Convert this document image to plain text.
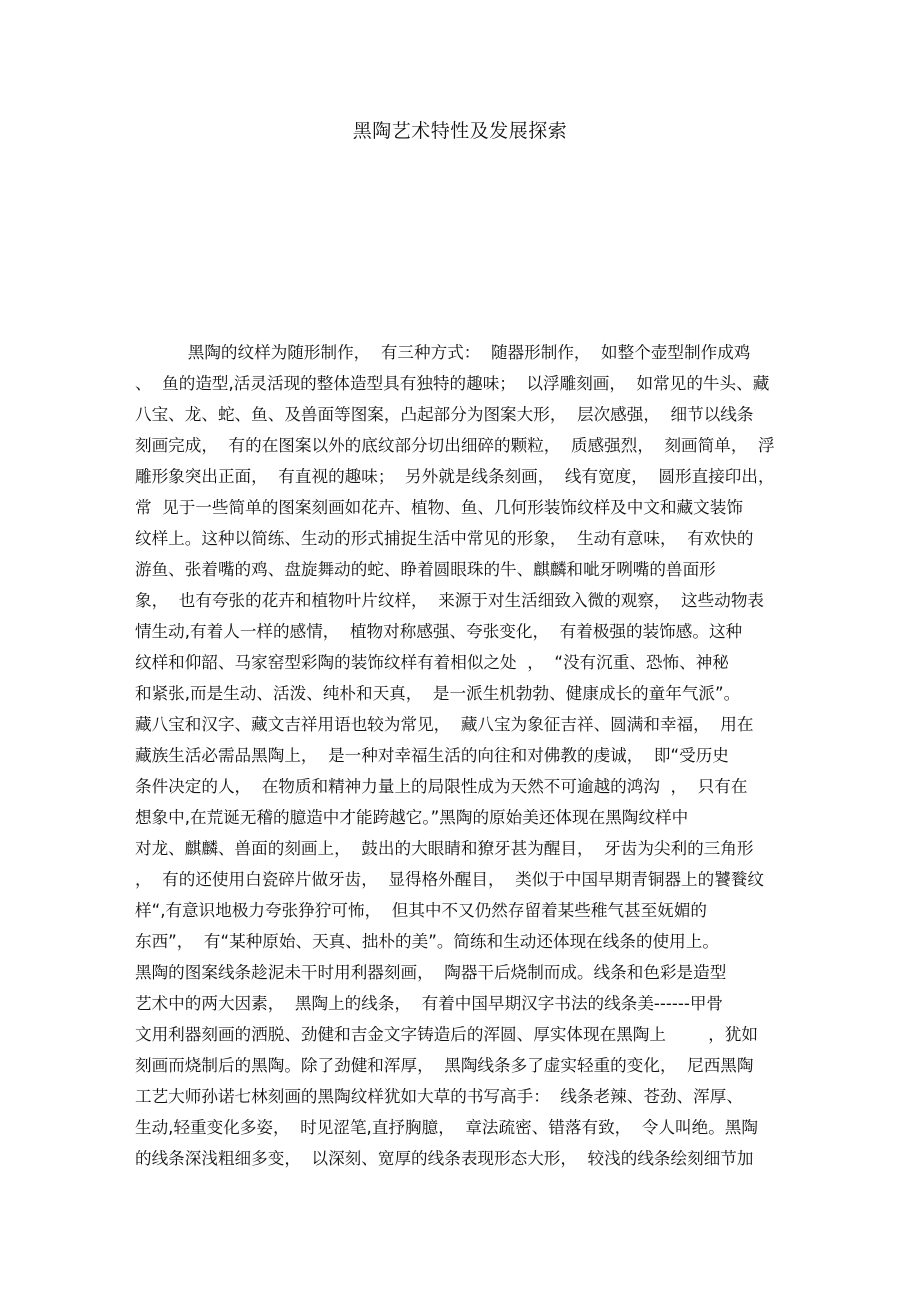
黑陶艺术特性及发展探索
黑陶的纹样为随形制作，  有三种方式：  随器形制作，  如整个壶型制作成鸡
、  鱼的造型,活灵活现的整体造型具有独特的趣味；  以浮雕刻画，  如常见的牛头、藏
八宝、龙、蛇、鱼、及兽面等图案，凸起部分为图案大形，  层次感强，  细节以线条
刻画完成，  有的在图案以外的底纹部分切出细碎的颗粒，  质感强烈，  刻画简单，  浮
雕形象突出正面，  有直视的趣味；  另外就是线条刻画，  线有宽度，  圆形直接印出，
常  见于一些简单的图案刻画如花卉、植物、鱼、几何形装饰纹样及中文和藏文装饰
纹样上。这种以简练、生动的形式捕捉生活中常见的形象，  生动有意味，  有欢快的
游鱼、张着嘴的鸡、盘旋舞动的蛇、睁着圆眼珠的牛、麒麟和呲牙咧嘴的兽面形
象，  也有夸张的花卉和植物叶片纹样，  来源于对生活细致入微的观察，  这些动物表
情生动,有着人一样的感情，  植物对称感强、夸张变化，  有着极强的装饰感。这种
纹样和仰韶、马家窑型彩陶的装饰纹样有着相似之处  ，  “没有沉重、恐怖、神秘
和紧张,而是生动、活泼、纯朴和天真，  是一派生机勃勃、健康成长的童年气派”。
藏八宝和汉字、藏文吉祥用语也较为常见，  藏八宝为象征吉祥、圆满和幸福，  用在
藏族生活必需品黑陶上，  是一种对幸福生活的向往和对佛教的虔诚，  即“受历史
条件决定的人，  在物质和精神力量上的局限性成为天然不可逾越的鸿沟  ，  只有在
想象中,在荒诞无稽的臆造中才能跨越它。”黑陶的原始美还体现在黑陶纹样中
对龙、麒麟、兽面的刻画上，  鼓出的大眼睛和獠牙甚为醒目，  牙齿为尖利的三角形
，  有的还使用白瓷碎片做牙齿，  显得格外醒目，  类似于中国早期青铜器上的饕餮纹
样“,有意识地极力夸张狰狞可怖，  但其中不又仍然存留着某些稚气甚至妩媚的
东西”，  有“某种原始、天真、拙朴的美”。简练和生动还体现在线条的使用上。
黑陶的图案线条趁泥未干时用利器刻画，  陶器干后烧制而成。线条和色彩是造型
艺术中的两大因素，  黑陶上的线条，  有着中国早期汉字书法的线条美------甲骨
文用利器刻画的洒脱、劲健和吉金文字铸造后的浑圆、厚实体现在黑陶上        ，犹如
刻画而烧制后的黑陶。除了劲健和浑厚，  黑陶线条多了虚实轻重的变化，  尼西黑陶
工艺大师孙诺七林刻画的黑陶纹样犹如大草的书写高手：  线条老辣、苍劲、浑厚、
生动,轻重变化多姿，  时见涩笔,直抒胸臆，  章法疏密、错落有致，  令人叫绝。黑陶
的线条深浅粗细多变，  以深刻、宽厚的线条表现形态大形，  较浅的线条绘刻细节加
